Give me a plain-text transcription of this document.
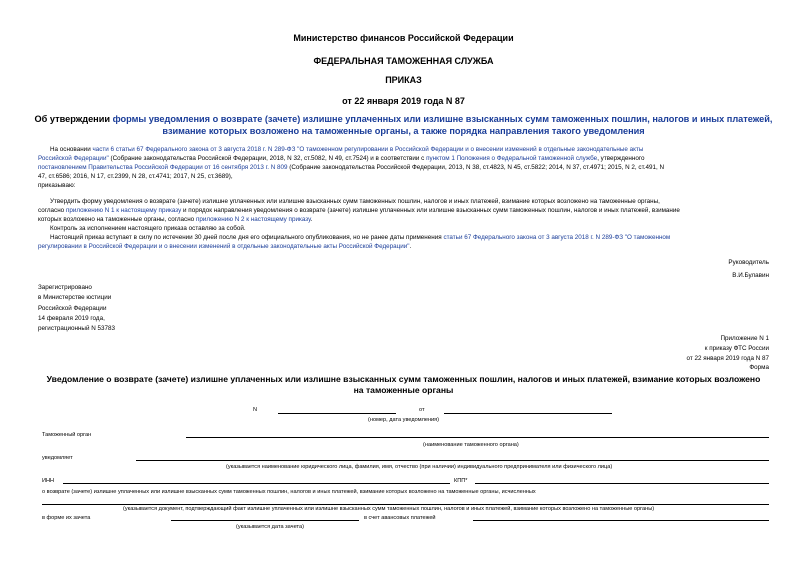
Министерство финансов Российской Федерации
ФЕДЕРАЛЬНАЯ ТАМОЖЕННАЯ СЛУЖБА
ПРИКАЗ
от 22 января 2019 года N 87
Об утверждении формы уведомления о возврате (зачете) излишне уплаченных или излишне взысканных сумм таможенных пошлин, налогов и иных платежей,
взимание которых возложено на таможенные органы, а также порядка направления такого уведомления
На основании части 6 статьи 67 Федерального закона от 3 августа 2018 г. N 289-ФЗ "О таможенном регулировании в Российской Федерации и о внесении изменений в отдельные законодательные акты
Российской Федерации" (Собрание законодательства Российской Федерации, 2018, N 32, ст.5082, N 49, ст.7524) и в соответствии с пунктом 1 Положения о Федеральной таможенной службе, утвержденного
постановлением Правительства Российской Федерации от 16 сентября 2013 г. N 809 (Собрание законодательства Российской Федерации, 2013, N 38, ст.4823, N 45, ст.5822; 2014, N 37, ст.4971; 2015, N 2, ст.491, N
47, ст.6586; 2016, N 17, ст.2399, N 28, ст.4741; 2017, N 25, ст.3689),
приказываю:
Утвердить форму уведомления о возврате (зачете) излишне уплаченных или излишне взысканных сумм таможенных пошлин, налогов и иных платежей, взимание которых возложено на таможенные органы,
согласно приложению N 1 к настоящему приказу и порядок направления уведомления о возврате (зачете) излишне уплаченных или излишне взысканных сумм таможенных пошлин, налогов и иных платежей, взимание
которых возложено на таможенные органы, согласно приложению N 2 к настоящему приказу.
Контроль за исполнением настоящего приказа оставляю за собой.
Настоящий приказ вступает в силу по истечении 30 дней после дня его официального опубликования, но не ранее даты применения статьи 67 Федерального закона от 3 августа 2018 г. N 289-ФЗ "О таможенном
регулировании в Российской Федерации и о внесении изменений в отдельные законодательные акты Российской Федерации".
Руководитель
В.И.Булавин
Зарегистрировано
в Министерстве юстиции
Российской Федерации
14 февраля 2019 года,
регистрационный N 53783
Приложение N 1
к приказу ФТС России
от 22 января 2019 года N 87
Форма
Уведомление о возврате (зачете) излишне уплаченных или излишне взысканных сумм таможенных пошлин, налогов и иных платежей, взимание которых возложено
на таможенные органы
N	от
(номер, дата уведомления)
Таможенный орган
(наименование таможенного органа)
уведомляет
(указывается наименование юридического лица, фамилия, имя, отчество (при наличии) индивидуального предпринимателя или физического лица)
ИНН	КПП*
о возврате (зачете) излишне уплаченных или излишне взысканных сумм таможенных пошлин, налогов и иных платежей, взимание которых возложено на таможенные органы, исчисленных
(указывается документ, подтверждающий факт излишне уплаченных или излишне взысканных сумм таможенных пошлин, налогов и иных платежей, взимание которых возложено на таможенные органы)
в форме их зачета	в счет авансовых платежей
(указывается дата зачета)
